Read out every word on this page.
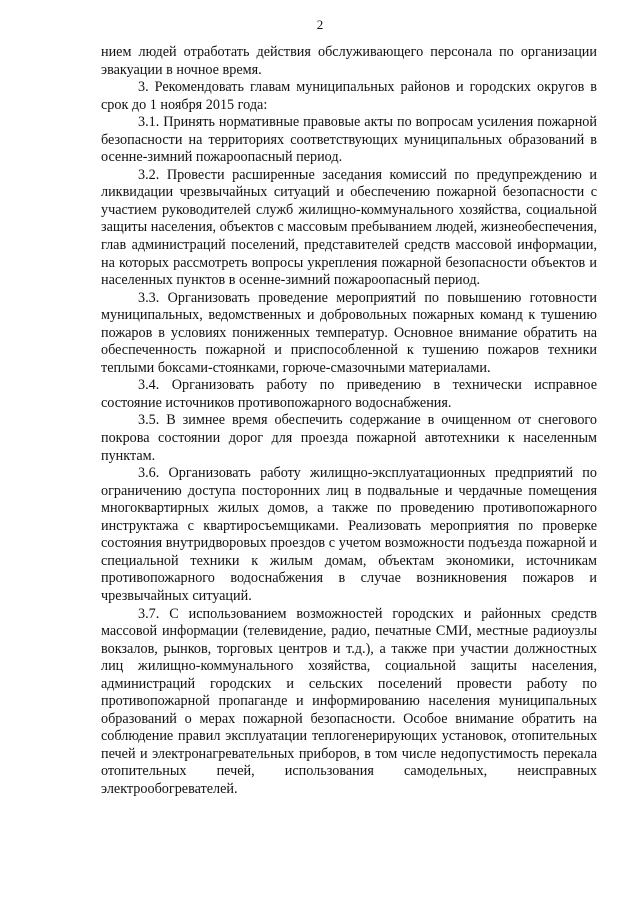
2

нием людей отработать действия обслуживающего персонала по организации эвакуации в ночное время.

3. Рекомендовать главам муниципальных районов и городских округов в срок до 1 ноября 2015 года:

3.1. Принять нормативные правовые акты по вопросам усиления пожарной безопасности на территориях соответствующих муниципальных образований в осенне-зимний пожароопасный период.

3.2. Провести расширенные заседания комиссий по предупреждению и ликвидации чрезвычайных ситуаций и обеспечению пожарной безопасности с участием руководителей служб жилищно-коммунального хозяйства, социальной защиты населения, объектов с массовым пребыванием людей, жизнеобеспечения, глав администраций поселений, представителей средств массовой информации, на которых рассмотреть вопросы укрепления пожарной безопасности объектов и населенных пунктов в осенне-зимний пожароопасный период.

3.3. Организовать проведение мероприятий по повышению готовности муниципальных, ведомственных и добровольных пожарных команд к тушению пожаров в условиях пониженных температур. Основное внимание обратить на обеспеченность пожарной и приспособленной к тушению пожаров техники теплыми боксами-стоянками, горюче-смазочными материалами.

3.4. Организовать работу по приведению в технически исправное состояние источников противопожарного водоснабжения.

3.5. В зимнее время обеспечить содержание в очищенном от снегового покрова состоянии дорог для проезда пожарной автотехники к населенным пунктам.

3.6. Организовать работу жилищно-эксплуатационных предприятий по ограничению доступа посторонних лиц в подвальные и чердачные помещения многоквартирных жилых домов, а также по проведению противопожарного инструктажа с квартиросъемщиками. Реализовать мероприятия по проверке состояния внутридворовых проездов с учетом возможности подъезда пожарной и специальной техники к жилым домам, объектам экономики, источникам противопожарного водоснабжения в случае возникновения пожаров и чрезвычайных ситуаций.

3.7. С использованием возможностей городских и районных средств массовой информации (телевидение, радио, печатные СМИ, местные радиоузлы вокзалов, рынков, торговых центров и т.д.), а также при участии должностных лиц жилищно-коммунального хозяйства, социальной защиты населения, администраций городских и сельских поселений провести работу по противопожарной пропаганде и информированию населения муниципальных образований о мерах пожарной безопасности. Особое внимание обратить на соблюдение правил эксплуатации теплогенерирующих установок, отопительных печей и электронагревательных приборов, в том числе недопустимость перекала отопительных печей, использования самодельных, неисправных электрообогревателей.
